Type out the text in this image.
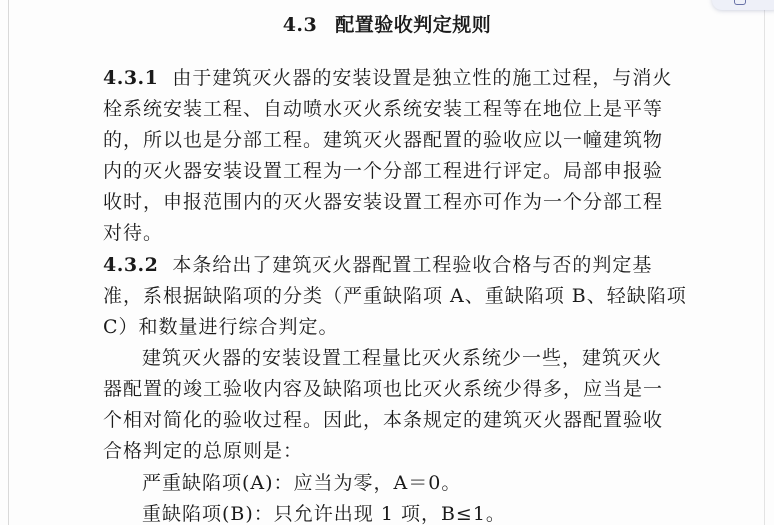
4.3 配置验收判定规则
4.3.1 由于建筑灭火器的安装设置是独立性的施工过程，与消火
栓系统安装工程、自动喷水灭火系统安装工程等在地位上是平等
的，所以也是分部工程。建筑灭火器配置的验收应以一幢建筑物
内的灭火器安装设置工程为一个分部工程进行评定。局部申报验
收时，申报范围内的灭火器安装设置工程亦可作为一个分部工程
对待。
4.3.2 本条给出了建筑灭火器配置工程验收合格与否的判定基
准，系根据缺陷项的分类（严重缺陷项 A、重缺陷项 B、轻缺陷项
C）和数量进行综合判定。
建筑灭火器的安装设置工程量比灭火系统少一些，建筑灭火
器配置的竣工验收内容及缺陷项也比灭火系统少得多，应当是一
个相对简化的验收过程。因此，本条规定的建筑灭火器配置验收
合格判定的总原则是：
严重缺陷项(A)：应当为零，A＝0。
重缺陷项(B)：只允许出现 1 项，B≤1。
